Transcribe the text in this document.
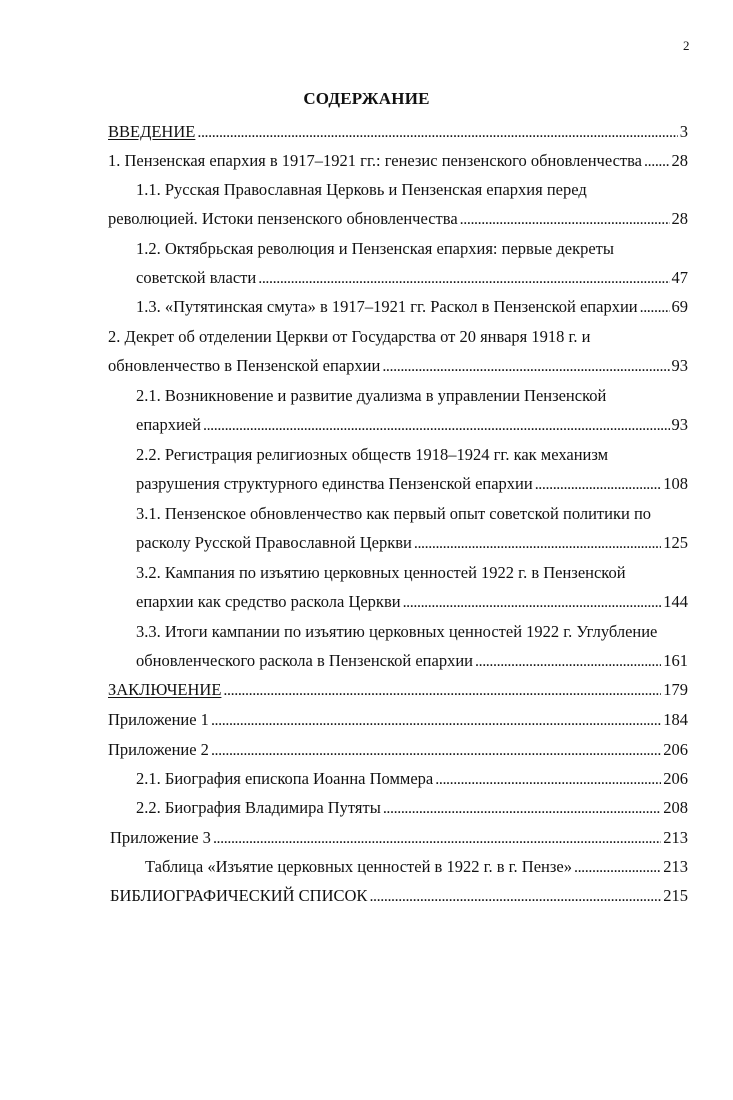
2
СОДЕРЖАНИЕ
ВВЕДЕНИЕ . . .	3
1. Пензенская епархия в 1917–1921 гг.: генезис пензенского обновленчества . . . 28
1.1. Русская Православная Церковь и Пензенская епархия перед
революцией. Истоки пензенского обновленчества . . .	28
1.2. Октябрьская революция и Пензенская епархия: первые декреты
советской власти . . .	47
1.3. «Путятинская смута» в 1917–1921 гг. Раскол в Пензенской епархии . . . 69
2. Декрет об отделении Церкви от Государства от 20 января 1918 г. и
обновленчество в Пензенской епархии . . .	93
2.1. Возникновение и развитие дуализма в управлении Пензенской
епархией . . .	93
2.2. Регистрация религиозных обществ 1918–1924 гг. как механизм
разрушения структурного единства Пензенской епархии . . .	108
3.1. Пензенское обновленчество как первый опыт советской политики по
расколу Русской Православной Церкви . . .	125
3.2. Кампания по изъятию церковных ценностей 1922 г. в Пензенской
епархии как средство раскола Церкви . . .	144
3.3. Итоги кампании по изъятию церковных ценностей 1922 г. Углубление
обновленческого раскола в Пензенской епархии . . .	161
ЗАКЛЮЧЕНИЕ . . .	179
Приложение 1 . . .	184
Приложение 2 . . .	206
2.1. Биография епископа Иоанна Поммера . . .	206
2.2. Биография Владимира Путяты . . .	208
Приложение 3 . . .	213
Таблица «Изъятие церковных ценностей в 1922 г. в г. Пензе» . . .	213
БИБЛИОГРАФИЧЕСКИЙ СПИСОК . . .	215
